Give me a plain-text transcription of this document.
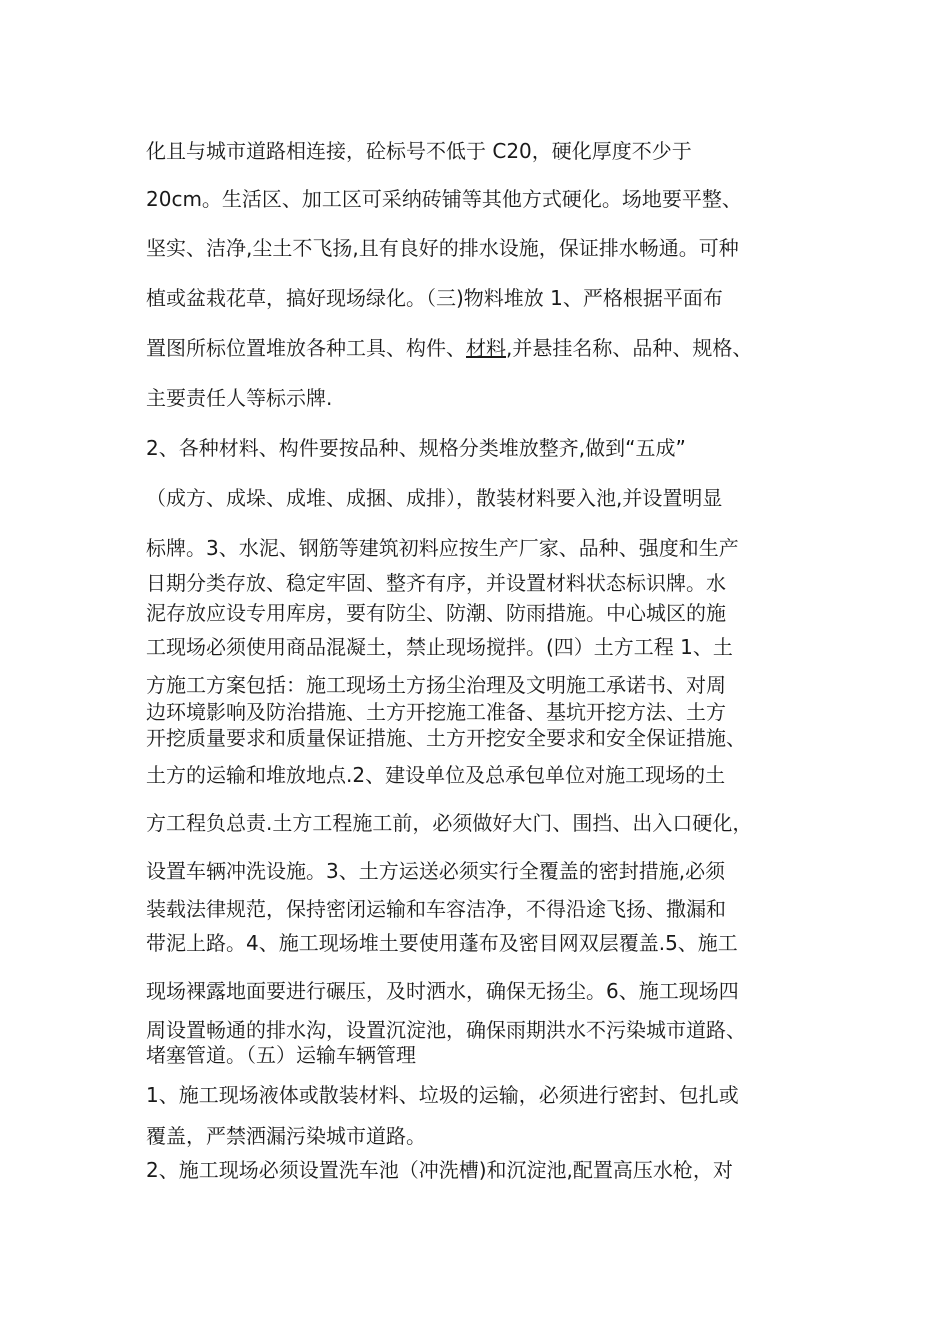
化且与城市道路相连接，砼标号不低于 C20，硬化厚度不少于
20cm。生活区、加工区可采纳砖铺等其他方式硬化。场地要平整、
坚实、洁净,尘土不飞扬,且有良好的排水设施，保证排水畅通。可种
植或盆栽花草，搞好现场绿化。（三)物料堆放 1、严格根据平面布
置图所标位置堆放各种工具、构件、材料,并悬挂名称、品种、规格、
主要责任人等标示牌.
2、各种材料、构件要按品种、规格分类堆放整齐,做到“五成”
（成方、成垛、成堆、成捆、成排），散装材料要入池,并设置明显
标牌。3、水泥、钢筋等建筑初料应按生产厂家、品种、强度和生产
日期分类存放、稳定牢固、整齐有序，并设置材料状态标识牌。水
泥存放应设专用库房，要有防尘、防潮、防雨措施。中心城区的施
工现场必须使用商品混凝土，禁止现场搅拌。(四）土方工程 1、土
方施工方案包括：施工现场土方扬尘治理及文明施工承诺书、对周
边环境影响及防治措施、土方开挖施工准备、基坑开挖方法、土方
开挖质量要求和质量保证措施、土方开挖安全要求和安全保证措施、
土方的运输和堆放地点.2、建设单位及总承包单位对施工现场的土
方工程负总责.土方工程施工前，必须做好大门、围挡、出入口硬化，
设置车辆冲洗设施。3、土方运送必须实行全覆盖的密封措施,必须
装载法律规范，保持密闭运输和车容洁净，不得沿途飞扬、撒漏和
带泥上路。4、施工现场堆土要使用蓬布及密目网双层覆盖.5、施工
现场裸露地面要进行碾压，及时洒水，确保无扬尘。6、施工现场四
周设置畅通的排水沟，设置沉淀池，确保雨期洪水不污染城市道路、
堵塞管道。（五）运输车辆管理
1、施工现场液体或散装材料、垃圾的运输，必须进行密封、包扎或
覆盖，严禁洒漏污染城市道路。
2、施工现场必须设置洗车池（冲洗槽)和沉淀池,配置高压水枪，对
